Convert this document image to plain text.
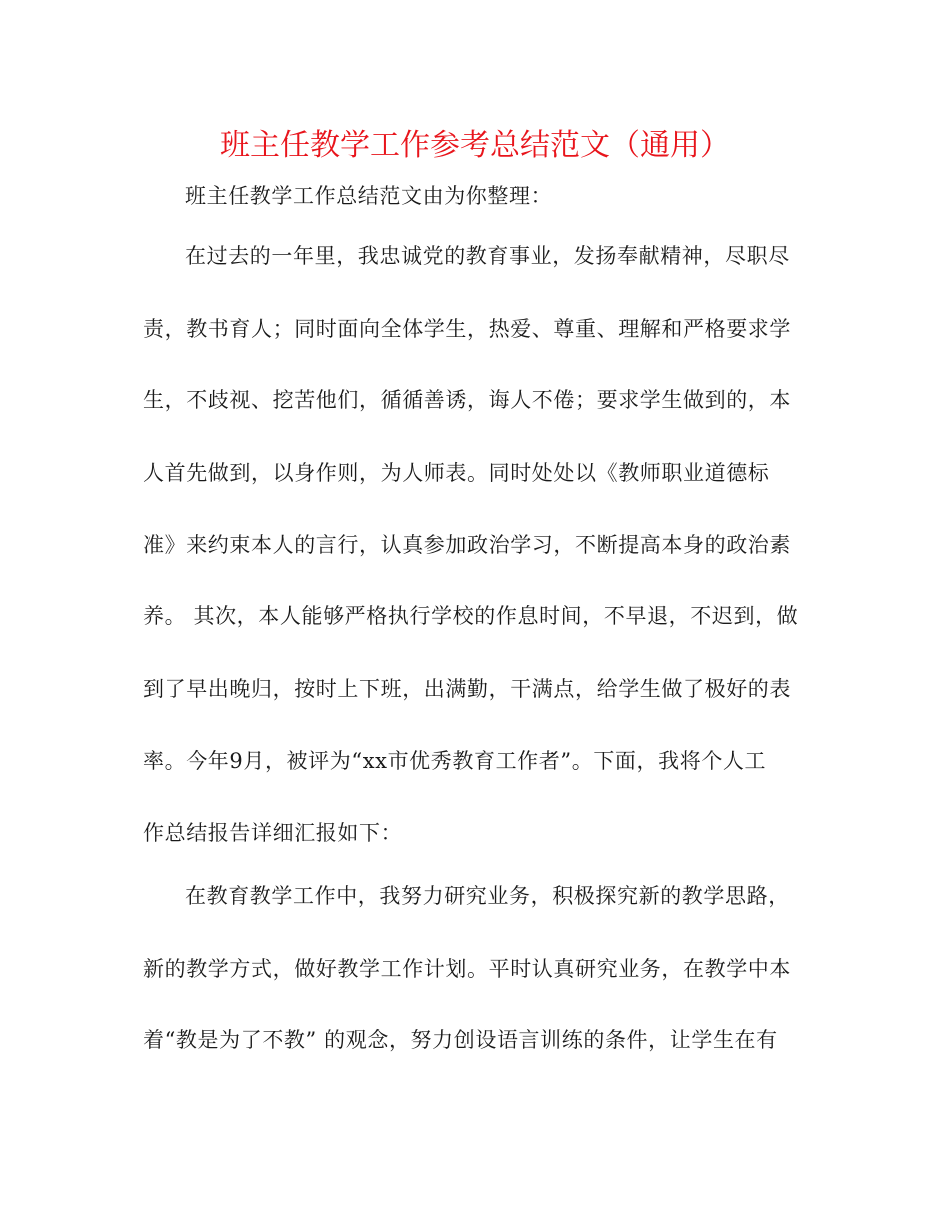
班主任教学工作参考总结范文（通用）
班主任教学工作总结范文由为你整理：
在过去的一年里，我忠诚党的教育事业，发扬奉献精神，尽职尽
责，教书育人；同时面向全体学生，热爱、尊重、理解和严格要求学
生，不歧视、挖苦他们，循循善诱，诲人不倦；要求学生做到的，本
人首先做到，以身作则，为人师表。同时处处以《教师职业道德标
准》来约束本人的言行，认真参加政治学习，不断提高本身的政治素
养。 其次，本人能够严格执行学校的作息时间，不早退，不迟到，做
到了早出晚归，按时上下班，出满勤，干满点，给学生做了极好的表
率。今年9月，被评为“xx市优秀教育工作者”。下面，我将个人工
作总结报告详细汇报如下：
在教育教学工作中，我努力研究业务，积极探究新的教学思路，
新的教学方式，做好教学工作计划。平时认真研究业务，在教学中本
着“教是为了不教” 的观念，努力创设语言训练的条件，让学生在有
